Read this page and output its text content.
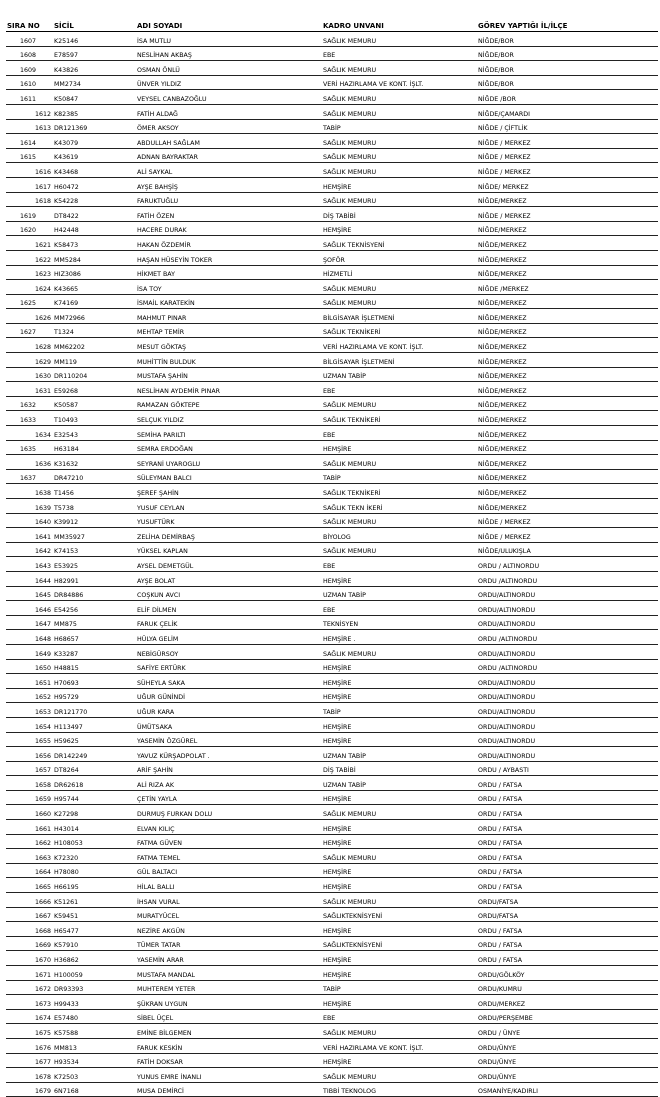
SIRA NO	SİCİL	ADI SOYADI	KADRO UNVANI	GÖREV YAPTIĞI İL/İLÇE
1607	K25146	İSA MUTLU	SAĞLIK MEMURU	NİĞDE/BOR
1608	E78597	NESLİHAN AKBAŞ	EBE	NİĞDE/BOR
1609	K43826	OSMAN ÖNLÜ	SAĞLIK MEMURU	NİĞDE/BOR
1610	MM2734	ÜNVER YILDIZ	VERİ HAZIRLAMA VE KONT. İŞLT.	NİĞDE/BOR
1611	K50847	VEYSEL CANBAZOĞLU	SAĞLIK MEMURU	NİĞDE /BOR
1612	K82385	FATİH ALDAĞ	SAĞLIK MEMURU	NİĞDE/ÇAMARDI
1613	DR121369	ÖMER AKSOY	TABİP	NİĞDE / ÇİFTLİK
1614	K43079	ABDULLAH SAĞLAM	SAĞLIK MEMURU	NİĞDE / MERKEZ
1615	K43619	ADNAN BAYRAKTAR	SAĞLIK MEMURU	NİĞDE / MERKEZ
1616	K43468	ALİ SAYKAL	SAĞLIK MEMURU	NİĞDE / MERKEZ
1617	H60472	AYŞE BAHŞİŞ	HEMŞİRE	NİĞDE/ MERKEZ
1618	K54228	FARUKTUĞLU	SAĞLIK MEMURU	NİĞDE/MERKEZ
1619	DT8422	FATİH ÖZEN	DİŞ TABİBİ	NİĞDE / MERKEZ
1620	H42448	HACERE DURAK	HEMŞİRE	NİĞDE/MERKEZ
1621	K58473	HAKAN ÖZDEMİR	SAĞLIK TEKNİSYENİ	NİĞDE/MERKEZ
1622	MM5284	HAŞAN HÜSEYİN TOKER	ŞOFÖR	NİĞDE/MERKEZ
1623	HIZ3086	HİKMET BAY	HİZMETLİ	NİĞDE/MERKEZ
1624	K43665	İSA TOY	SAĞLIK MEMURU	NİĞDE /MERKEZ
1625	K74169	İSMAİL KARATEKİN	SAĞLIK MEMURU	NİĞDE/MERKEZ
1626	MM72966	MAHMUT PINAR	BİLGİSAYAR İŞLETMENİ	NİĞDE/MERKEZ
1627	T1324	MEHTAP TEMİR	SAĞLIK TEKNİKERİ	NİĞDE/MERKEZ
1628	MM62202	MESUT GÖKTAŞ	VERİ HAZIRLAMA VE KONT. İŞLT.	NİĞDE/MERKEZ
1629	MM119	MUHİTTİN BULDUK	BİLGİSAYAR İŞLETMENİ	NİĞDE/MERKEZ
1630	DR110204	MUSTAFA ŞAHİN	UZMAN TABİP	NİĞDE/MERKEZ
1631	E59268	NESLİHAN AYDEMİR PINAR	EBE	NİĞDE/MERKEZ
1632	K50587	RAMAZAN GÖKTEPE	SAĞLIK MEMURU	NİĞDE/MERKEZ
1633	T10493	SELÇUK YILDIZ	SAĞLIK TEKNİKERİ	NİĞDE/MERKEZ
1634	E32543	SEMİHA PARILTI	EBE	NİĞDE/MERKEZ
1635	H63184	SEMRA ERDOĞAN	HEMŞİRE	NİĞDE/MERKEZ
1636	K31632	SEYRANİ UYAROGLU	SAĞLIK MEMURU	NİĞDE/MERKEZ
1637	DR47210	SÜLEYMAN BALCI	TABİP	NİĞDE/MERKEZ
1638	T1456	ŞEREF ŞAHİN	SAĞLIK TEKNİKERİ	NİĞDE/MERKEZ
1639	T5738	YUSUF CEYLAN	SAĞLIK TEKN İKERİ	NİĞDE/MERKEZ
1640	K39912	YUSUFTÜRK	SAĞLIK MEMURU	NİĞDE / MERKEZ
1641	MM35927	ZELİHA DEMİRBAŞ	BİYOLOG	NİĞDE / MERKEZ
1642	K74153	YÜKSEL KAPLAN	SAĞLIK MEMURU	NİĞDE/ULUKIŞLA
1643	E53925	AYSEL DEMETGÜL	EBE	ORDU / ALTINORDU
1644	H82991	AYŞE BOLAT	HEMŞİRE	ORDU /ALTINORDU
1645	DR84886	COŞKUN AVCI	UZMAN TABİP	ORDU/ALTINORDU
1646	E54256	ELİF DİLMEN	EBE	ORDU/ALTINORDU
1647	MM875	FARUK ÇELİK	TEKNİSYEN	ORDU/ALTINORDU
1648	H68657	HÜLYA GELİM	HEMŞİRE .	ORDU /ALTINORDU
1649	K33287	NEBİGÜRSOY	SAĞLIK MEMURU	ORDU/ALTINORDU
1650	H48815	SAFİYE ERTÜRK	HEMŞİRE	ORDU /ALTINORDU
1651	H70693	SÜHEYLA SAKA	HEMŞİRE	ORDU/ALTINORDU
1652	H95729	UĞUR GÜNİNDİ	HEMŞİRE	ORDU/ALTINORDU
1653	DR121770	UĞUR KARA	TABİP	ORDU/ALTINORDU
1654	H113497	ÜMÜTSAKA	HEMŞİRE	ORDU/ALTINORDU
1655	H59625	YASEMİN ÖZGÜREL	HEMŞİRE	ORDU/ALTINORDU
1656	DR142249	YAVUZ KÜRŞADPOLAT .	UZMAN TABİP	ORDU/ALTINORDU
1657	DT8264	ARİF ŞAHİN	DİŞ TABİBİ	ORDU / AYBASTI
1658	DR62618	ALİ RIZA AK	UZMAN TABİP	ORDU / FATSA
1659	H95744	ÇETİN YAYLA	HEMŞİRE	ORDU / FATSA
1660	K27298	DURMUŞ FURKAN DOLU	SAĞLIK MEMURU	ORDU / FATSA
1661	H43014	ELVAN KILIÇ	HEMŞİRE	ORDU / FATSA
1662	H108053	FATMA GÜVEN	HEMŞİRE	ORDU / FATSA
1663	K72320	FATMA TEMEL	SAĞLIK MEMURU	ORDU / FATSA
1664	H78080	GÜL BALTACI	HEMŞİRE	ORDU / FATSA
1665	H66195	HİLAL BALLI	HEMŞİRE	ORDU / FATSA
1666	K51261	İHSAN VURAL	SAĞLIK MEMURU	ORDU/FATSA
1667	K59451	MURATYÜCEL	SAĞLIKTEKNİSYENİ	ORDU/FATSA
1668	H65477	NEZİRE AKGÜN	HEMŞİRE	ORDU / FATSA
1669	K57910	TÜMER TATAR	SAĞLIKTEKNİSYENİ	ORDU / FATSA
1670	H36862	YASEMİN ARAR	HEMŞİRE	ORDU / FATSA
1671	H100059	MUSTAFA MANDAL	HEMŞİRE	ORDU/GÖLKÖY
1672	DR93393	MUHTEREM YETER	TABİP	ORDU/KUMRU
1673	H99433	ŞÜKRAN UYGUN	HEMŞİRE	ORDU/MERKEZ
1674	E57480	SİBEL ÜÇEL	EBE	ORDU/PERŞEMBE
1675	K57588	EMİNE BİLGEMEN	SAĞLIK MEMURU	ORDU / ÜNYE
1676	MM813	FARUK KESKİN	VERİ HAZIRLAMA VE KONT. İŞLT.	ORDU/ÜNYE
1677	H93534	FATİH DOKSAR	HEMŞİRE	ORDU/ÜNYE
1678	K72503	YUNUS EMRE İNANLI	SAĞLIK MEMURU	ORDU/ÜNYE
1679	6N7168	MUSA DEMİRCİ	TIBBİ TEKNOLOG	OSMANİYE/KADIRLI
